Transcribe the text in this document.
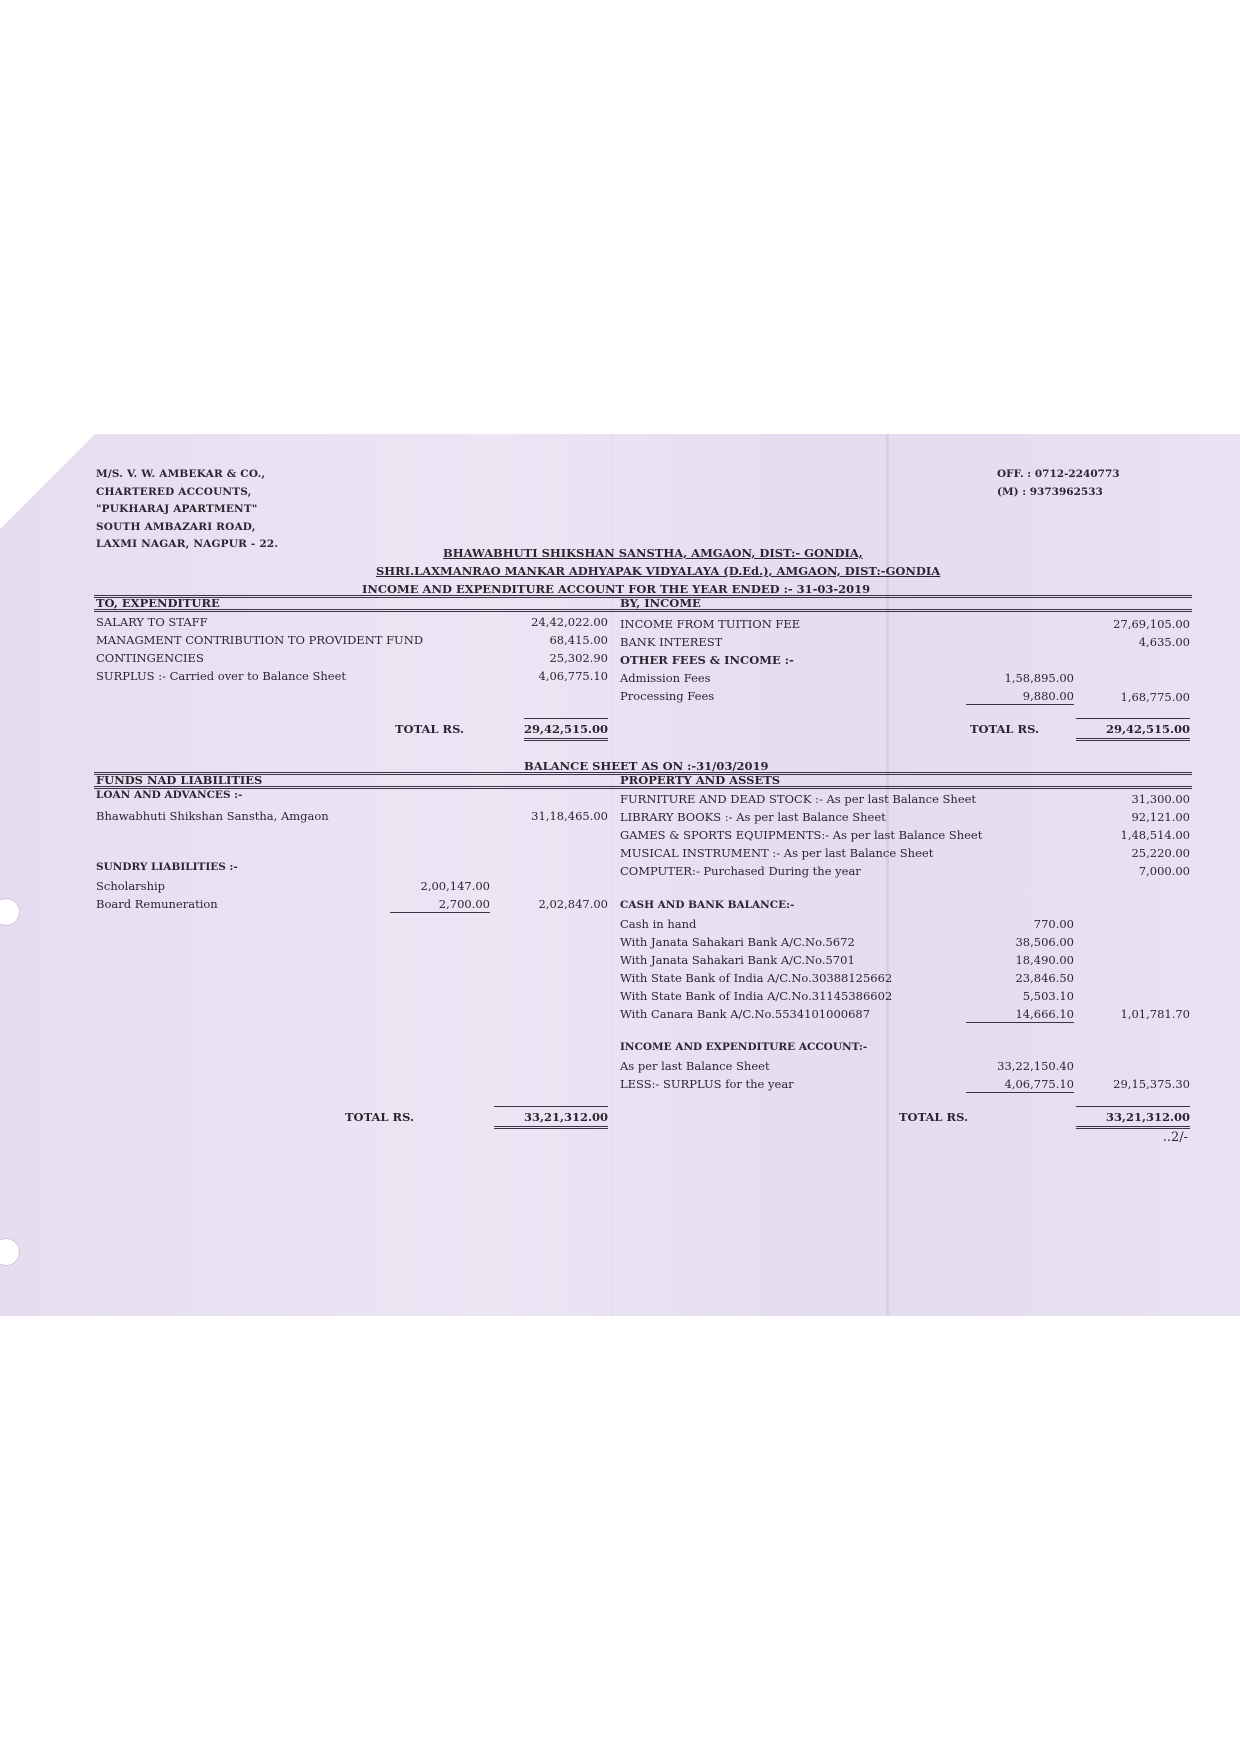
M/S. V. W. AMBEKAR & CO.,
CHARTERED ACCOUNTS,
"PUKHARAJ APARTMENT"
SOUTH AMBAZARI ROAD,
LAXMI NAGAR, NAGPUR - 22.
OFF. : 0712-2240773
(M) : 9373962533
BHAWABHUTI SHIKSHAN SANSTHA, AMGAON, DIST:- GONDIA,
SHRI.LAXMANRAO MANKAR ADHYAPAK VIDYALAYA (D.Ed.), AMGAON, DIST:-GONDIA
INCOME AND EXPENDITURE ACCOUNT FOR THE YEAR ENDED :- 31-03-2019
TO, EXPENDITURE	BY, INCOME
SALARY TO STAFF	24,42,022.00
MANAGMENT CONTRIBUTION TO PROVIDENT FUND	68,415.00
CONTINGENCIES	25,302.90
SURPLUS :- Carried over to Balance Sheet	4,06,775.10
INCOME FROM TUITION FEE	27,69,105.00
BANK INTEREST	4,635.00
OTHER FEES & INCOME :-
Admission Fees	1,58,895.00
Processing Fees	9,880.00	1,68,775.00
TOTAL RS.	29,42,515.00	TOTAL RS.	29,42,515.00
BALANCE SHEET AS ON :-31/03/2019
FUNDS NAD LIABILITIES	PROPERTY AND ASSETS
LOAN AND ADVANCES :-
Bhawabhuti Shikshan Sanstha, Amgaon	31,18,465.00
SUNDRY LIABILITIES :-
Scholarship	2,00,147.00
Board Remuneration	2,700.00	2,02,847.00
FURNITURE AND DEAD STOCK :- As per last Balance Sheet	31,300.00
LIBRARY BOOKS :- As per last Balance Sheet	92,121.00
GAMES & SPORTS EQUIPMENTS:- As per last Balance Sheet	1,48,514.00
MUSICAL INSTRUMENT :- As per last Balance Sheet	25,220.00
COMPUTER:- Purchased During the year	7,000.00
CASH AND BANK BALANCE:-
Cash in hand	770.00
With Janata Sahakari Bank A/C.No.5672	38,506.00
With Janata Sahakari Bank A/C.No.5701	18,490.00
With State Bank of India A/C.No.30388125662	23,846.50
With State Bank of India A/C.No.31145386602	5,503.10
With Canara Bank A/C.No.5534101000687	14,666.10	1,01,781.70
INCOME AND EXPENDITURE ACCOUNT:-
As per last Balance Sheet	33,22,150.40
LESS:- SURPLUS for the year	4,06,775.10	29,15,375.30
TOTAL RS.	33,21,312.00	TOTAL RS.	33,21,312.00
..2/-
